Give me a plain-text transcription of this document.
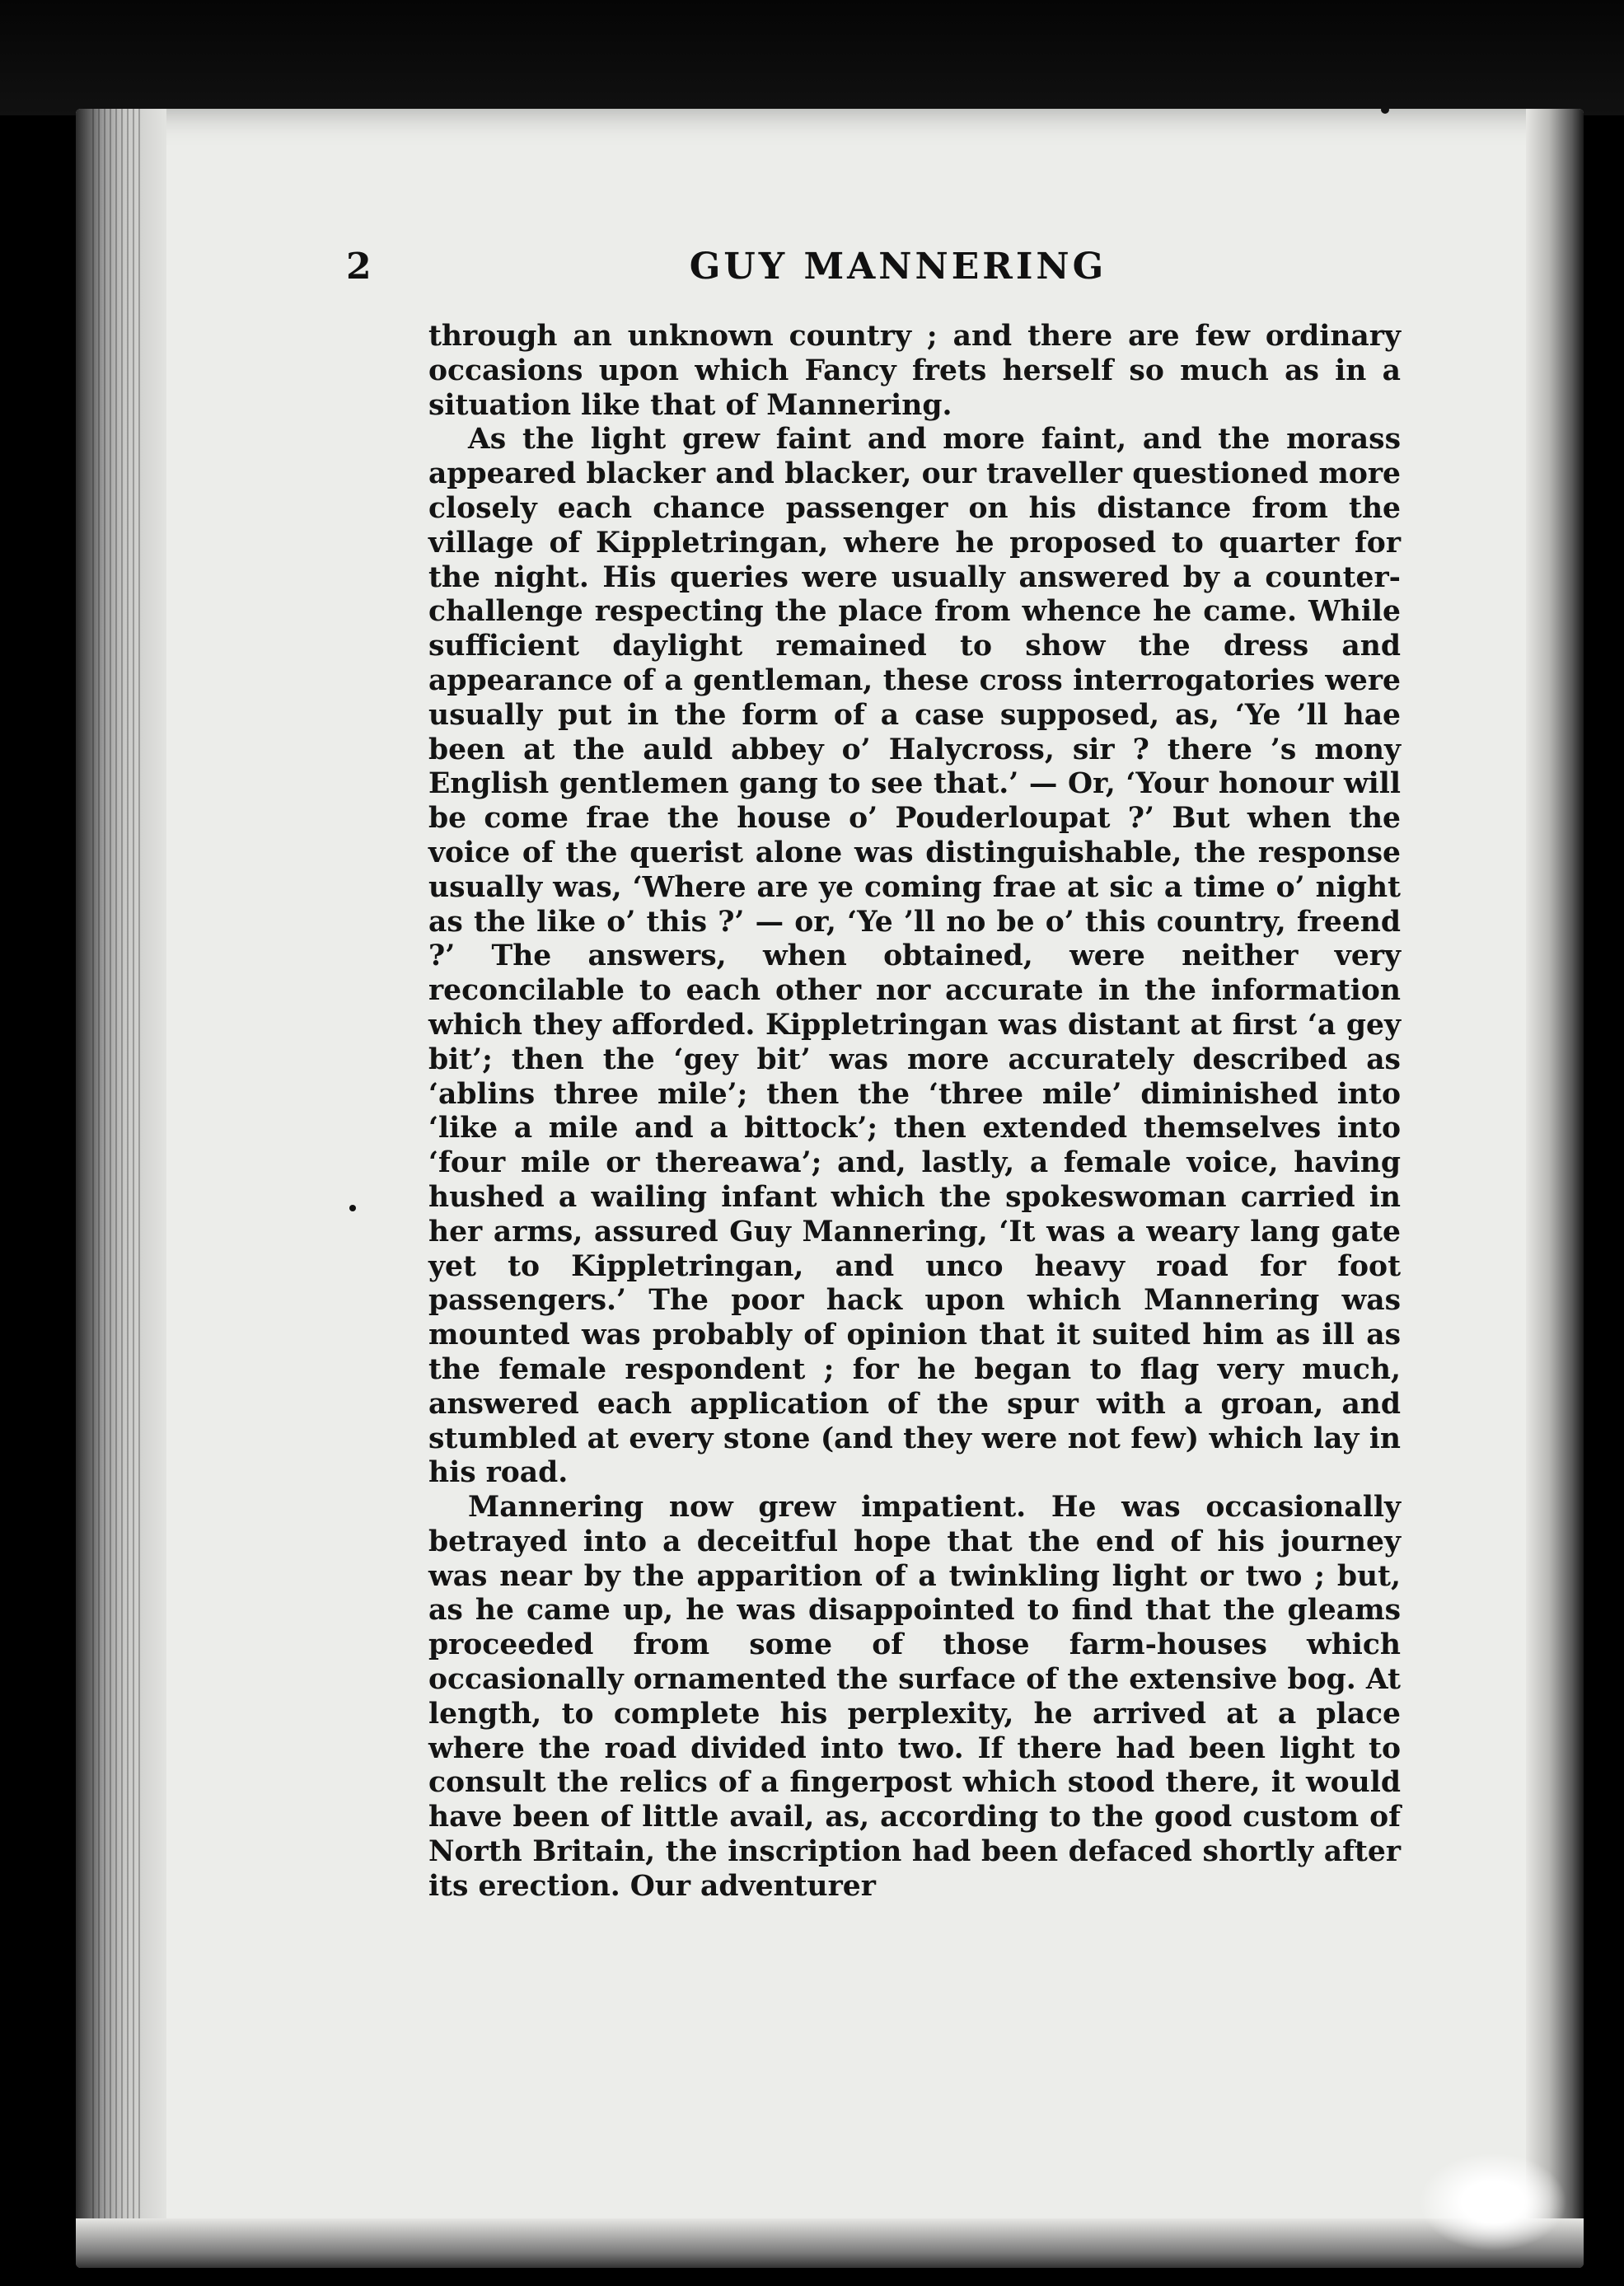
2	GUY MANNERING

through an unknown country ; and there are few ordinary occasions upon which Fancy frets herself so much as in a situation like that of Mannering.

As the light grew faint and more faint, and the morass appeared blacker and blacker, our traveller questioned more closely each chance passenger on his distance from the village of Kippletringan, where he proposed to quarter for the night. His queries were usually answered by a counter-challenge respecting the place from whence he came. While sufficient daylight remained to show the dress and appearance of a gentleman, these cross interrogatories were usually put in the form of a case supposed, as, ‘Ye ’ll hae been at the auld abbey o’ Halycross, sir ? there ’s mony English gentlemen gang to see that.’ — Or, ‘Your honour will be come frae the house o’ Pouderloupat ?’ But when the voice of the querist alone was distinguishable, the response usually was, ‘Where are ye coming frae at sic a time o’ night as the like o’ this ?’ — or, ‘Ye ’ll no be o’ this country, freend ?’ The answers, when obtained, were neither very reconcilable to each other nor accurate in the information which they afforded. Kippletringan was distant at first ‘a gey bit’; then the ‘gey bit’ was more accurately described as ‘ablins three mile’; then the ‘three mile’ diminished into ‘like a mile and a bittock’; then extended themselves into ‘four mile or thereawa’; and, lastly, a female voice, having hushed a wailing infant which the spokeswoman carried in her arms, assured Guy Mannering, ‘It was a weary lang gate yet to Kippletringan, and unco heavy road for foot passengers.’ The poor hack upon which Mannering was mounted was probably of opinion that it suited him as ill as the female respondent ; for he began to flag very much, answered each application of the spur with a groan, and stumbled at every stone (and they were not few) which lay in his road.

Mannering now grew impatient. He was occasionally betrayed into a deceitful hope that the end of his journey was near by the apparition of a twinkling light or two ; but, as he came up, he was disappointed to find that the gleams proceeded from some of those farm-houses which occasionally ornamented the surface of the extensive bog. At length, to complete his perplexity, he arrived at a place where the road divided into two. If there had been light to consult the relics of a fingerpost which stood there, it would have been of little avail, as, according to the good custom of North Britain, the inscription had been defaced shortly after its erection. Our adventurer
